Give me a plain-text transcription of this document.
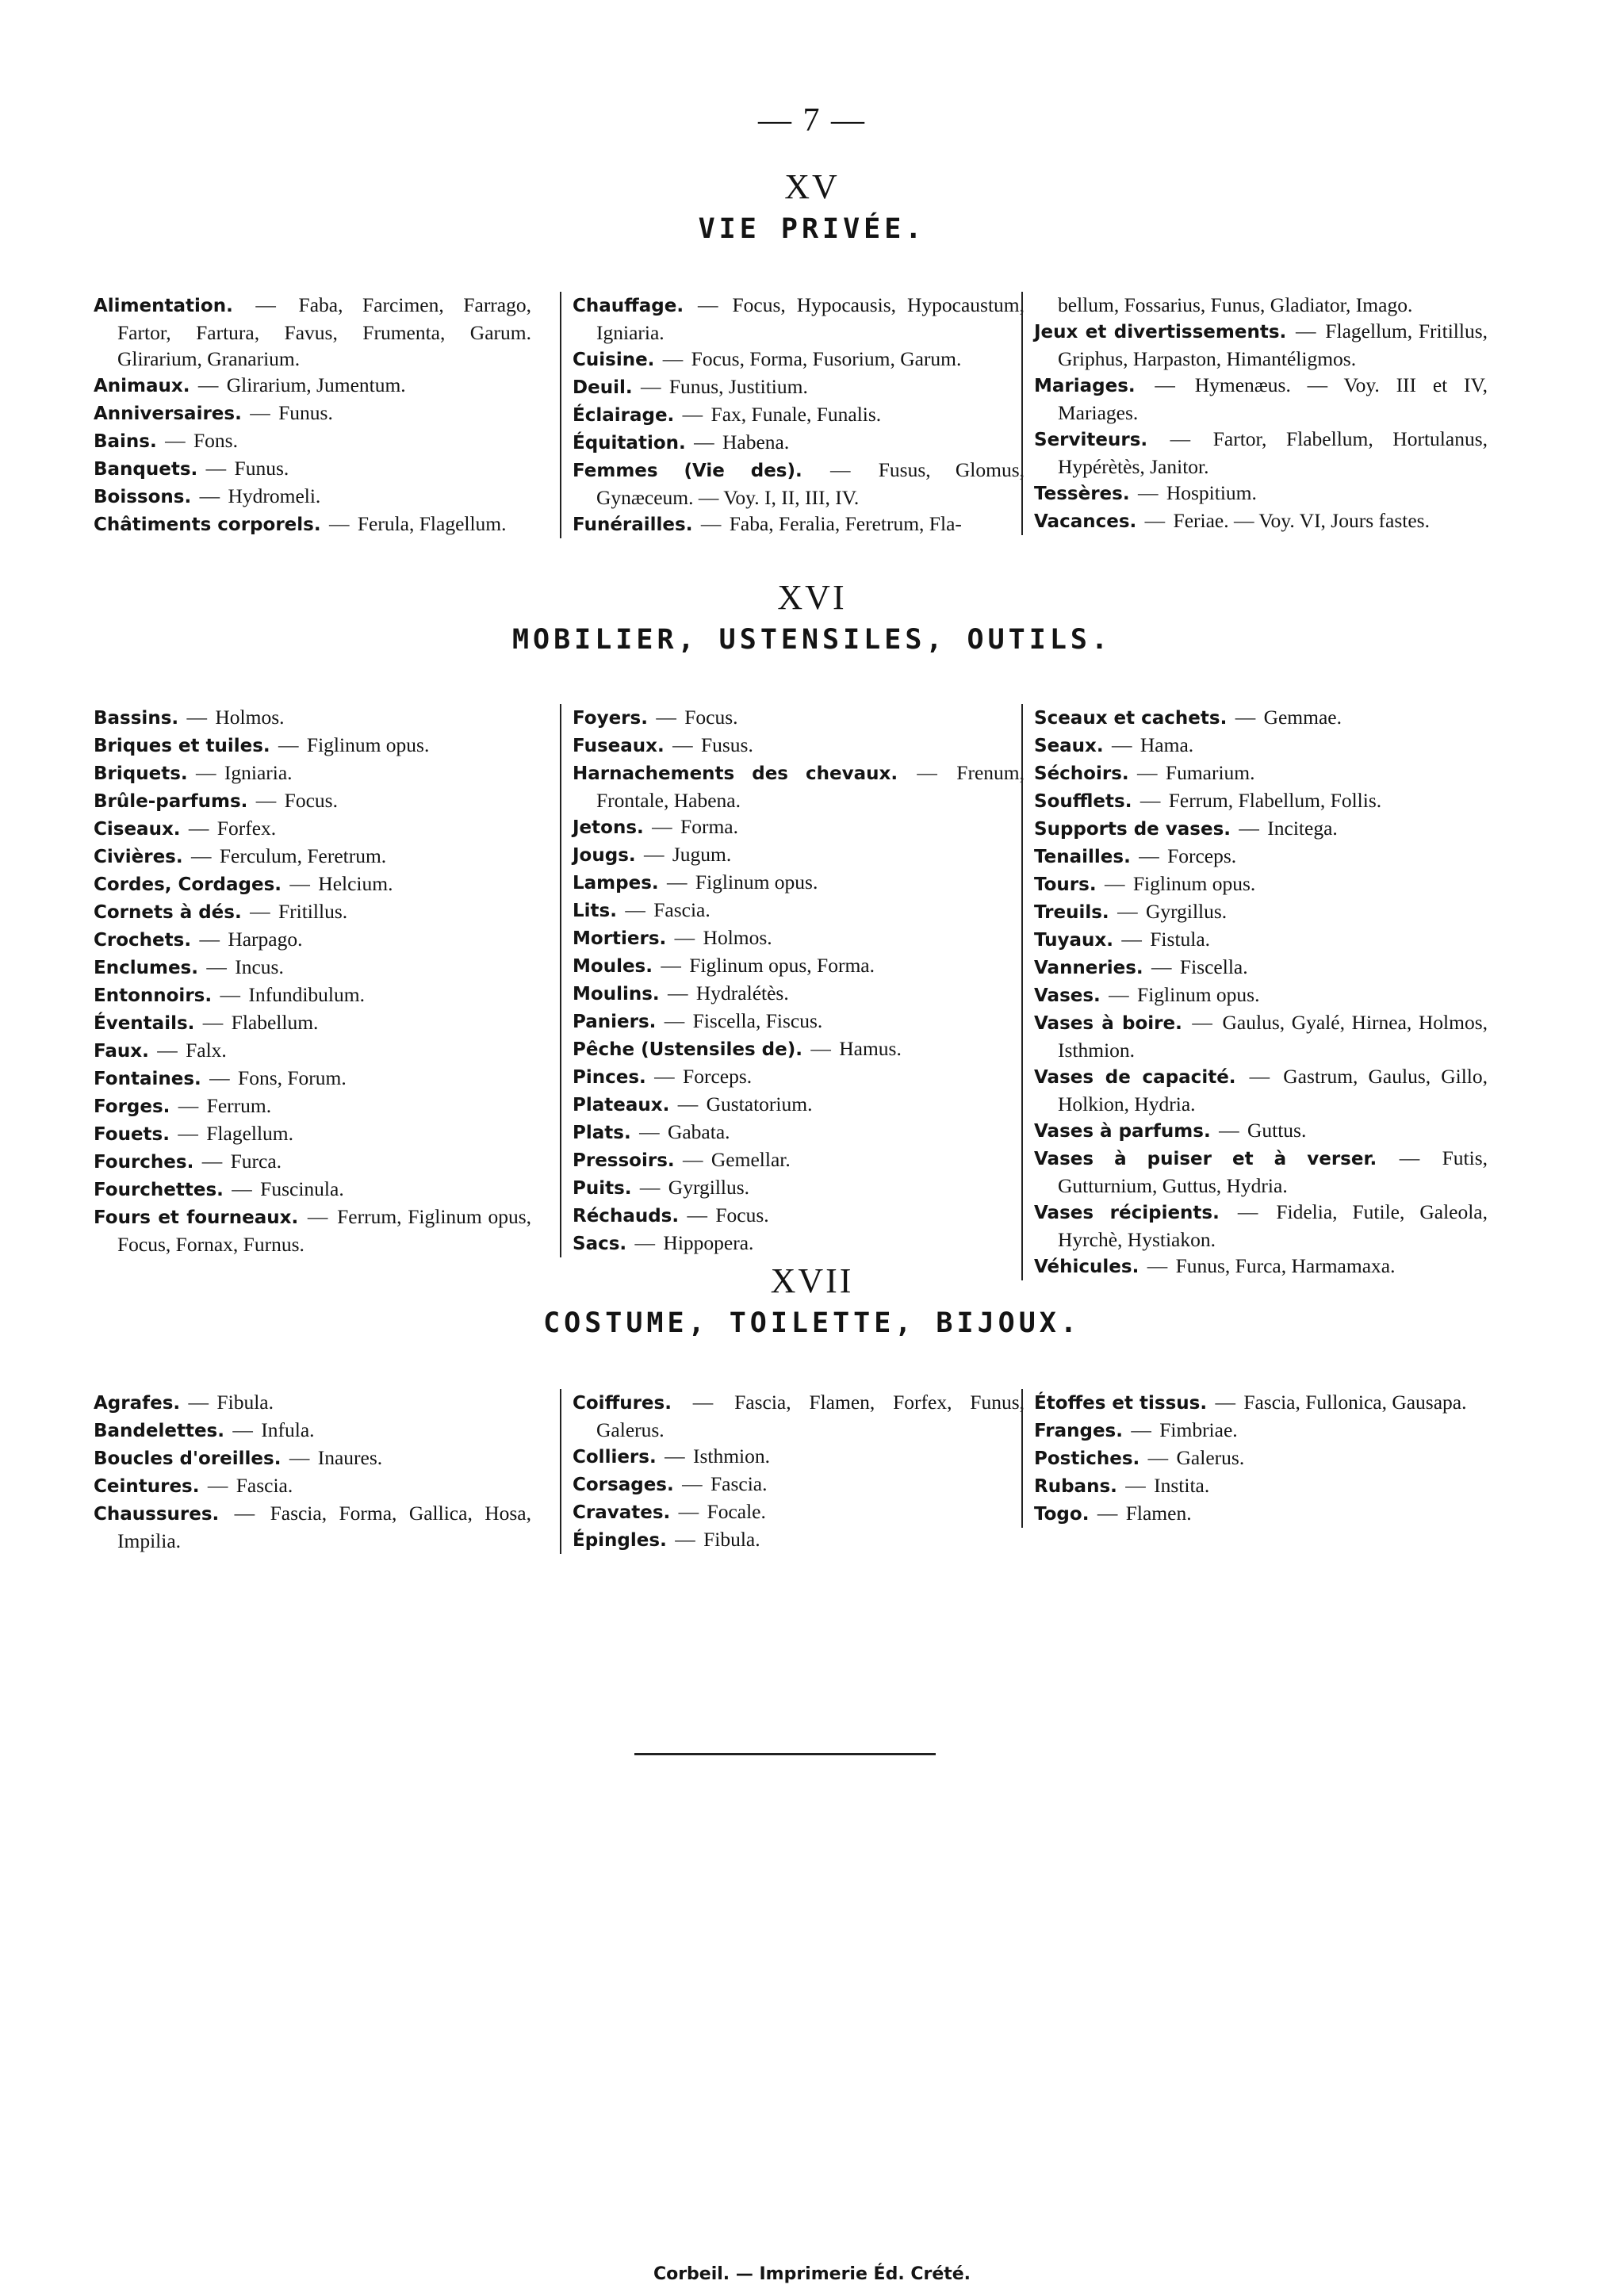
— 7 —
XV
VIE PRIVÉE.
Alimentation. — Faba, Farcimen, Farrago, Fartor, Fartura, Favus, Frumenta, Garum. Glirarium, Granarium.
Animaux. — Glirarium, Jumentum.
Anniversaires. — Funus.
Bains. — Fons.
Banquets. — Funus.
Boissons. — Hydromeli.
Châtiments corporels. — Ferula, Flagellum.
Chauffage. — Focus, Hypocausis, Hypocaustum, Igniaria.
Cuisine. — Focus, Forma, Fusorium, Garum.
Deuil. — Funus, Justitium.
Éclairage. — Fax, Funale, Funalis.
Équitation. — Habena.
Femmes (Vie des). — Fusus, Glomus, Gynæceum. — Voy. I, II, III, IV.
Funérailles. — Faba, Feralia, Feretrum, Fla-
bellum, Fossarius, Funus, Gladiator, Imago.
Jeux et divertissements. — Flagellum, Fritillus, Griphus, Harpaston, Himantéligmos.
Mariages. — Hymenæus. — Voy. III et IV, Mariages.
Serviteurs. — Fartor, Flabellum, Hortulanus, Hypérètès, Janitor.
Tessères. — Hospitium.
Vacances. — Feriae. — Voy. VI, Jours fastes.
XVI
MOBILIER, USTENSILES, OUTILS.
Bassins. — Holmos.
Briques et tuiles. — Figlinum opus.
Briquets. — Igniaria.
Brûle-parfums. — Focus.
Ciseaux. — Forfex.
Civières. — Ferculum, Feretrum.
Cordes, Cordages. — Helcium.
Cornets à dés. — Fritillus.
Crochets. — Harpago.
Enclumes. — Incus.
Entonnoirs. — Infundibulum.
Éventails. — Flabellum.
Faux. — Falx.
Fontaines. — Fons, Forum.
Forges. — Ferrum.
Fouets. — Flagellum.
Fourches. — Furca.
Fourchettes. — Fuscinula.
Fours et fourneaux. — Ferrum, Figlinum opus, Focus, Fornax, Furnus.
Foyers. — Focus.
Fuseaux. — Fusus.
Harnachements des chevaux. — Frenum, Frontale, Habena.
Jetons. — Forma.
Jougs. — Jugum.
Lampes. — Figlinum opus.
Lits. — Fascia.
Mortiers. — Holmos.
Moules. — Figlinum opus, Forma.
Moulins. — Hydralétès.
Paniers. — Fiscella, Fiscus.
Pêche (Ustensiles de). — Hamus.
Pinces. — Forceps.
Plateaux. — Gustatorium.
Plats. — Gabata.
Pressoirs. — Gemellar.
Puits. — Gyrgillus.
Réchauds. — Focus.
Sacs. — Hippopera.
Sceaux et cachets. — Gemmae.
Seaux. — Hama.
Séchoirs. — Fumarium.
Soufflets. — Ferrum, Flabellum, Follis.
Supports de vases. — Incitega.
Tenailles. — Forceps.
Tours. — Figlinum opus.
Treuils. — Gyrgillus.
Tuyaux. — Fistula.
Vanneries. — Fiscella.
Vases. — Figlinum opus.
Vases à boire. — Gaulus, Gyalé, Hirnea, Holmos, Isthmion.
Vases de capacité. — Gastrum, Gaulus, Gillo, Holkion, Hydria.
Vases à parfums. — Guttus.
Vases à puiser et à verser. — Futis, Gutturnium, Guttus, Hydria.
Vases récipients. — Fidelia, Futile, Galeola, Hyrchè, Hystiakon.
Véhicules. — Funus, Furca, Harmamaxa.
XVII
COSTUME, TOILETTE, BIJOUX.
Agrafes. — Fibula.
Bandelettes. — Infula.
Boucles d'oreilles. — Inaures.
Ceintures. — Fascia.
Chaussures. — Fascia, Forma, Gallica, Hosa, Impilia.
Coiffures. — Fascia, Flamen, Forfex, Funus, Galerus.
Colliers. — Isthmion.
Corsages. — Fascia.
Cravates. — Focale.
Épingles. — Fibula.
Étoffes et tissus. — Fascia, Fullonica, Gausapa.
Franges. — Fimbriae.
Postiches. — Galerus.
Rubans. — Instita.
Togo. — Flamen.
Corbeil. — Imprimerie Éd. Crété.
